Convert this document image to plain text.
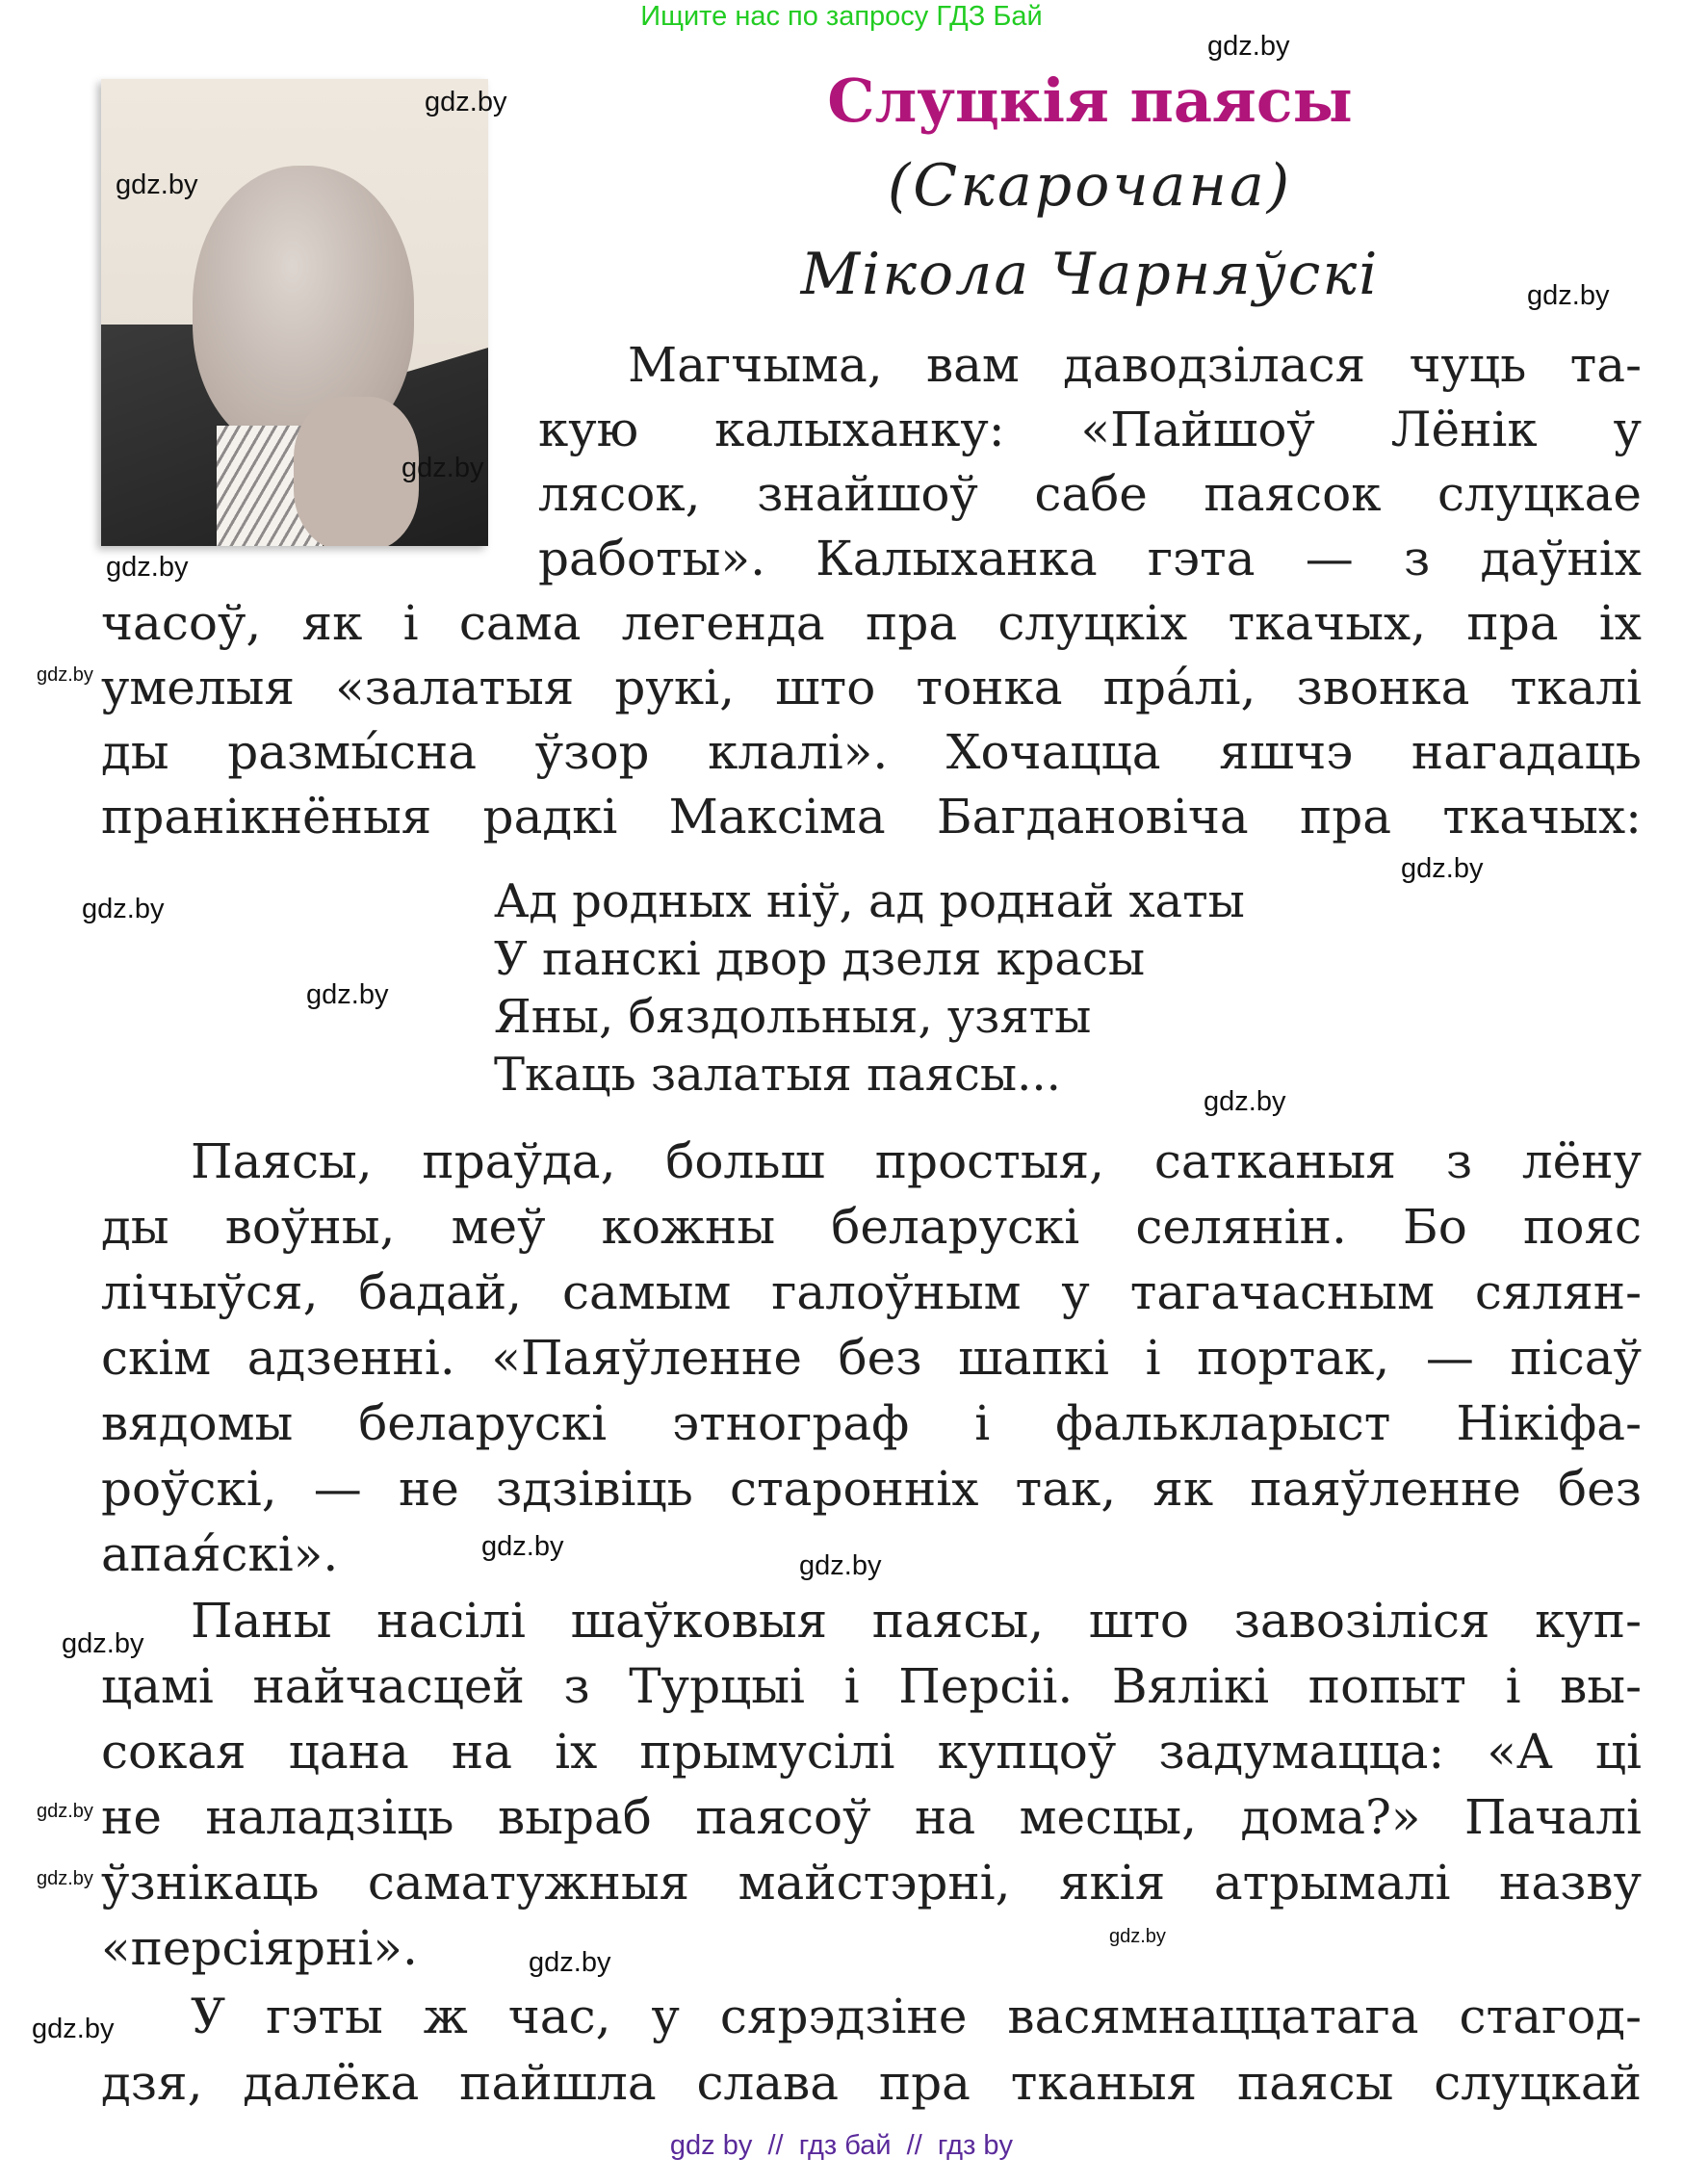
Ищите нас по запросу ГДЗ Бай
Слуцкія паясы
(Скарочана)
Мікола Чарняўскі
Магчыма, вам даводзілася чуць та-
кую калыханку: «Пайшоў Лёнік у
лясок, знайшоў сабе паясок слуцкае
работы». Калыханка гэта — з даўніх
часоў, як і сама легенда пра слуцкіх ткачых, пра іх
умелыя «залатыя рукі, што тонка пра́лі, звонка ткалі
ды размы́сна ўзор клалі». Хочацца яшчэ нагадаць
пранікнёныя радкі Максіма Багдановіча пра ткачых:
Ад родных ніў, ад роднай хаты
У панскі двор дзеля красы
Яны, бяздольныя, узяты
Ткаць залатыя паясы...
Паясы, праўда, больш простыя, сатканыя з лёну
ды воўны, меў кожны беларускі селянін. Бо пояс
лічыўся, бадай, самым галоўным у тагачасным сялян-
скім адзенні. «Паяўленне без шапкі і портак, — пісаў
вядомы беларускі этнограф і фалькларыст Нікіфа-
роўскі, — не здзівіць старонніх так, як паяўленне без
апая́скі».
Паны насілі шаўковыя паясы, што завозіліся куп-
цамі найчасцей з Турцыі і Персіі. Вялікі попыт і вы-
сокая цана на іх прымусілі купцоў задумацца: «А ці
не наладзіць выраб паясоў на месцы, дома?» Пачалі
ўзнікаць саматужныя майстэрні, якія атрымалі назву
«персіярні».
У гэты ж час, у сярэдзіне васямнаццатага стагод-
дзя, далёка пайшла слава пра тканыя паясы слуцкай
gdz.by
gdz.by
gdz.by
gdz.by
gdz.by
gdz.by
gdz.by
gdz.by
gdz.by
gdz.by
gdz.by
gdz.by
gdz.by
gdz.by
gdz.by
gdz.by
gdz.by
gdz.by
gdz.by
gdz by  //  гдз бай  //  гдз by
